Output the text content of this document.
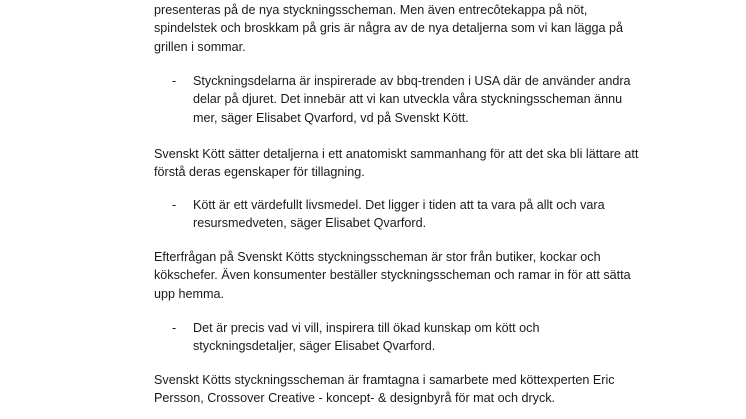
presenteras på de nya styckningsscheman. Men även entrecôtekappa på nöt,
spindelstek och broskkam på gris är några av de nya detaljerna som vi kan lägga på
grillen i sommar.

- Styckningsdelarna är inspirerade av bbq-trenden i USA där de använder andra
delar på djuret. Det innebär att vi kan utveckla våra styckningsscheman ännu
mer, säger Elisabet Qvarford, vd på Svenskt Kött.

Svenskt Kött sätter detaljerna i ett anatomiskt sammanhang för att det ska bli lättare att
förstå deras egenskaper för tillagning.

- Kött är ett värdefullt livsmedel. Det ligger i tiden att ta vara på allt och vara
resursmedveten, säger Elisabet Qvarford.

Efterfrågan på Svenskt Kötts styckningsscheman är stor från butiker, kockar och
kökschefer. Även konsumenter beställer styckningsscheman och ramar in för att sätta
upp hemma.

- Det är precis vad vi vill, inspirera till ökad kunskap om kött och
styckningsdetaljer, säger Elisabet Qvarford.

Svenskt Kötts styckningsscheman är framtagna i samarbete med köttexperten Eric
Persson, Crossover Creative - koncept- & designbyrå för mat och dryck.
